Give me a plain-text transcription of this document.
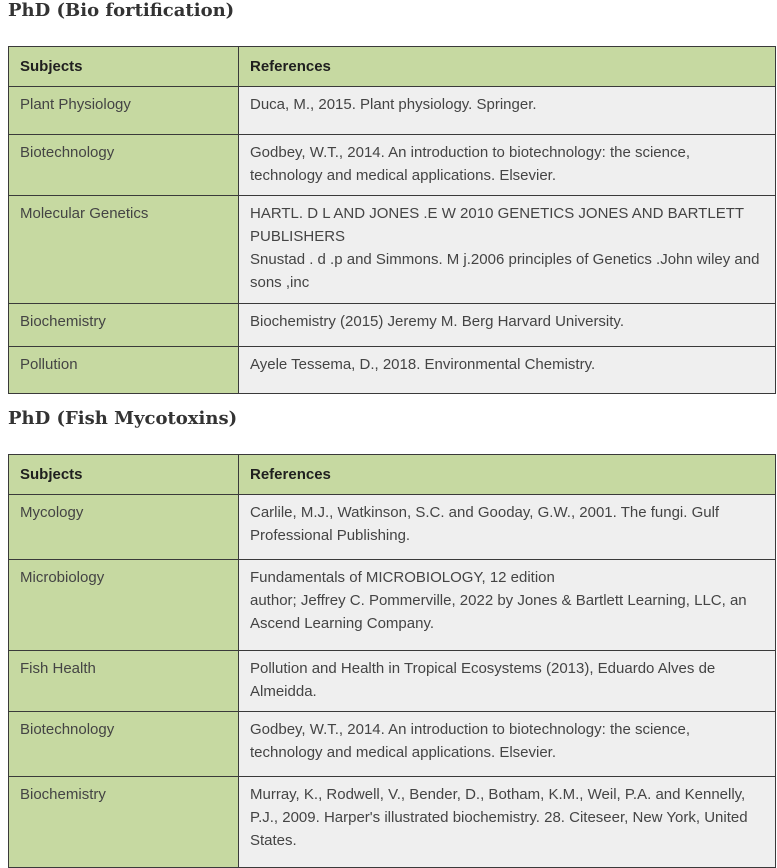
PhD (Bio fortification)
Subjects	References
Plant Physiology	Duca, M., 2015. Plant physiology. Springer.

Biotechnology	Godbey, W.T., 2014. An introduction to biotechnology: the science, technology and medical applications. Elsevier.

Molecular Genetics	HARTL. D L AND JONES .E W 2010 GENETICS JONES AND BARTLETT PUBLISHERS
Snustad . d .p and Simmons. M j.2006 principles of Genetics .John wiley and sons ,inc

Biochemistry	Biochemistry (2015) Jeremy M. Berg Harvard University.

Pollution	Ayele Tessema, D., 2018. Environmental Chemistry.
PhD (Fish Mycotoxins)
Subjects	References
Mycology	Carlile, M.J., Watkinson, S.C. and Gooday, G.W., 2001. The fungi. Gulf Professional Publishing.

Microbiology	Fundamentals of MICROBIOLOGY, 12 edition
author; Jeffrey C. Pommerville, 2022 by Jones & Bartlett Learning, LLC, an Ascend Learning Company.

Fish Health	Pollution and Health in Tropical Ecosystems (2013), Eduardo Alves de Almeidda.

Biotechnology	Godbey, W.T., 2014. An introduction to biotechnology: the science, technology and medical applications. Elsevier.

Biochemistry	Murray, K., Rodwell, V., Bender, D., Botham, K.M., Weil, P.A. and Kennelly, P.J., 2009. Harper's illustrated biochemistry. 28. Citeseer, New York, United States.
